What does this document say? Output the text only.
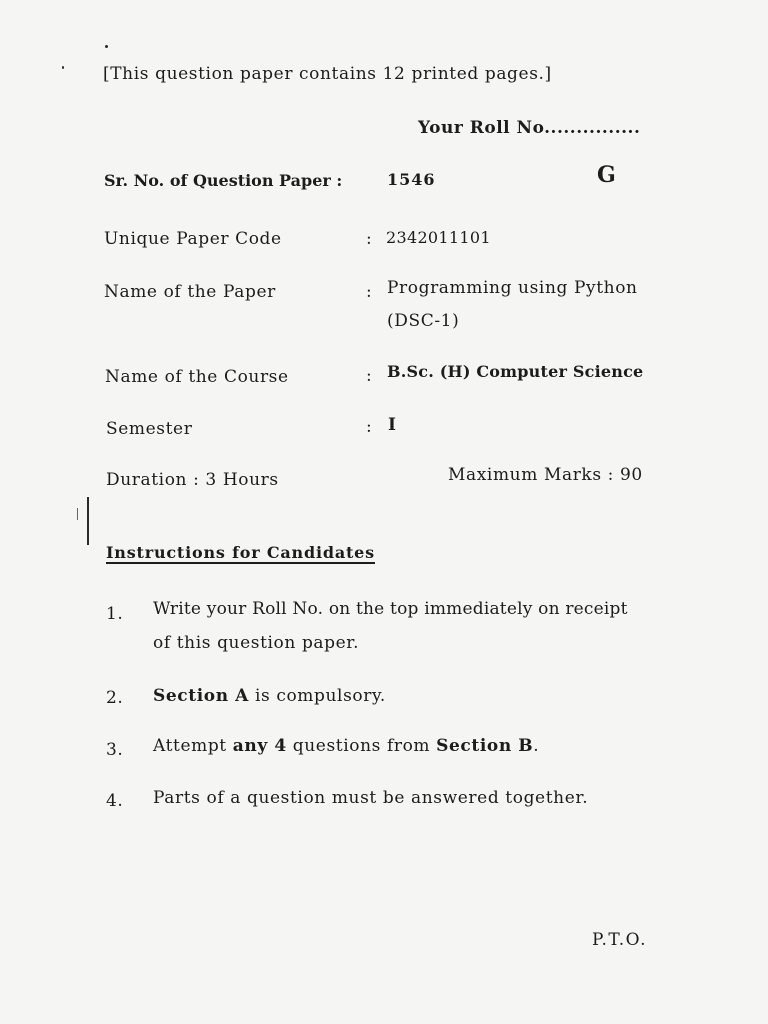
[This question paper contains 12 printed pages.]
Your Roll No...............
Sr. No. of Question Paper :	1546	G
Unique Paper Code	: 2342011101
Name of the Paper	: Programming using Python
(DSC-1)
Name of the Course	: B.Sc. (H) Computer Science
Semester	: I
Duration : 3 Hours	Maximum Marks : 90
Instructions for Candidates
1. Write your Roll No. on the top immediately on receipt
of this question paper.
2. Section A is compulsory.
3. Attempt any 4 questions from Section B.
4. Parts of a question must be answered together.
P.T.O.
